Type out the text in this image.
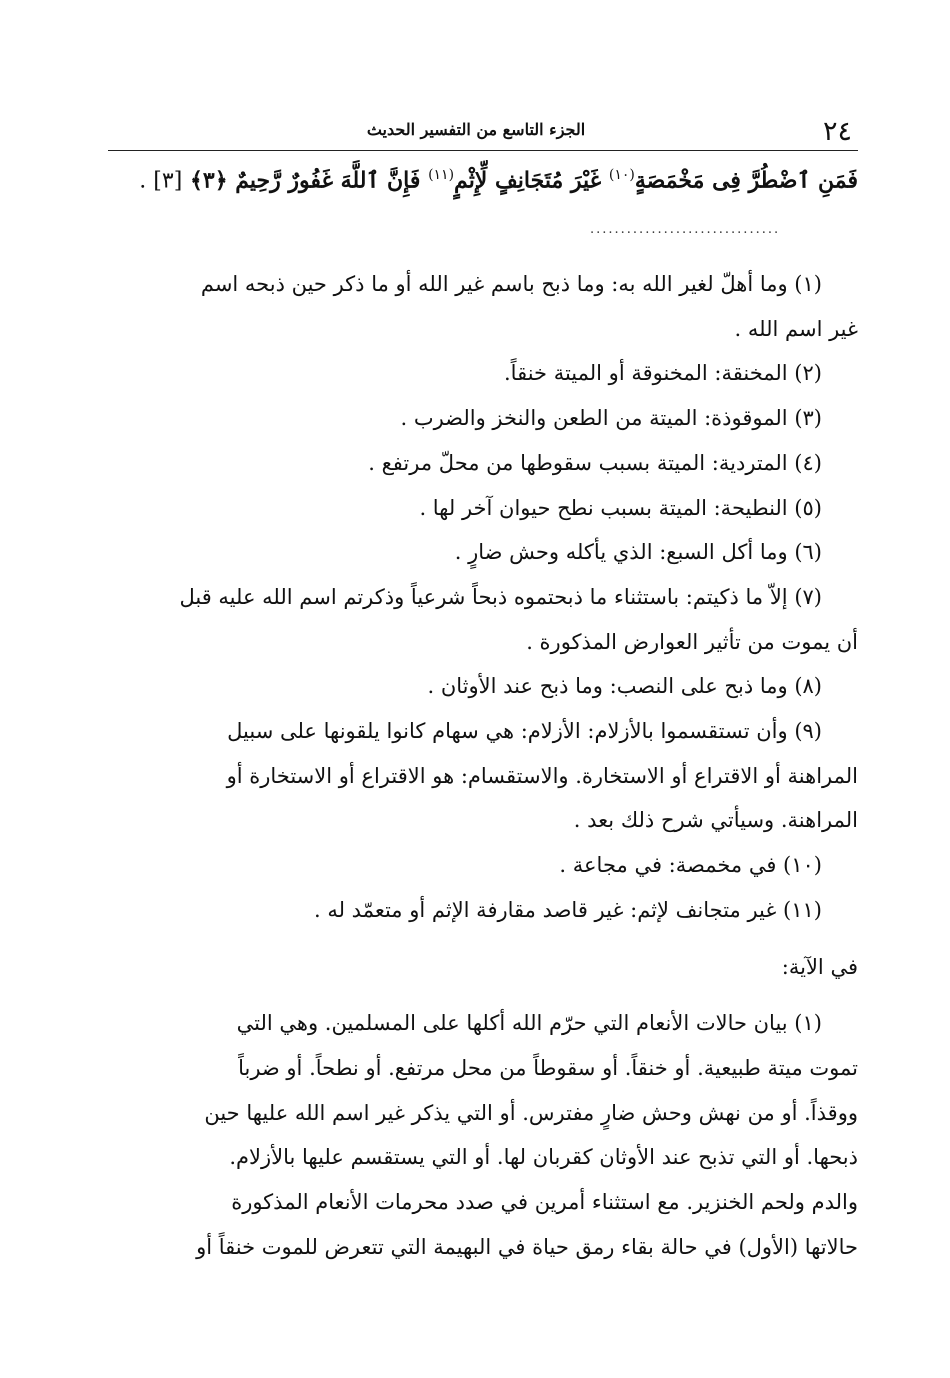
٢٤
الجزء التاسع من التفسير الحديث
فَمَنِ ٱضْطُرَّ فِى مَخْمَصَةٍ$^{(١٠)}$ غَيْرَ مُتَجَانِفٍ لِّإِثْمٍ$^{(١١)}$ فَإِنَّ ٱللَّهَ غَفُورٌ رَّحِيمٌ ﴿٣﴾ [٣] .
...............................

(١) وما أهلّ لغير الله به: وما ذبح باسم غير الله أو ما ذكر حين ذبحه اسم

غير اسم الله .

(٢) المخنقة: المخنوقة أو الميتة خنقاً.

(٣) الموقوذة: الميتة من الطعن والنخز والضرب .

(٤) المتردية: الميتة بسبب سقوطها من محلّ مرتفع .

(٥) النطيحة: الميتة بسبب نطح حيوان آخر لها .

(٦) وما أكل السبع: الذي يأكله وحش ضارٍ .

(٧) إلاّ ما ذكيتم: باستثناء ما ذبحتموه ذبحاً شرعياً وذكرتم اسم الله عليه قبل

أن يموت من تأثير العوارض المذكورة .

(٨) وما ذبح على النصب: وما ذبح عند الأوثان .

(٩) وأن تستقسموا بالأزلام: الأزلام: هي سهام كانوا يلقونها على سبيل

المراهنة أو الاقتراع أو الاستخارة. والاستقسام: هو الاقتراع أو الاستخارة أو

المراهنة. وسيأتي شرح ذلك بعد .

(١٠) في مخمصة: في مجاعة .

(١١) غير متجانف لإثم: غير قاصد مقارفة الإثم أو متعمّد له .

في الآية:

(١) بيان حالات الأنعام التي حرّم الله أكلها على المسلمين. وهي التي

تموت ميتة طبيعية. أو خنقاً. أو سقوطاً من محل مرتفع. أو نطحاً. أو ضرباً

ووقذاً. أو من نهش وحش ضارٍ مفترس. أو التي يذكر غير اسم الله عليها حين

ذبحها. أو التي تذبح عند الأوثان كقربان لها. أو التي يستقسم عليها بالأزلام.

والدم ولحم الخنزير. مع استثناء أمرين في صدد محرمات الأنعام المذكورة

حالاتها (الأول) في حالة بقاء رمق حياة في البهيمة التي تتعرض للموت خنقاً أو
